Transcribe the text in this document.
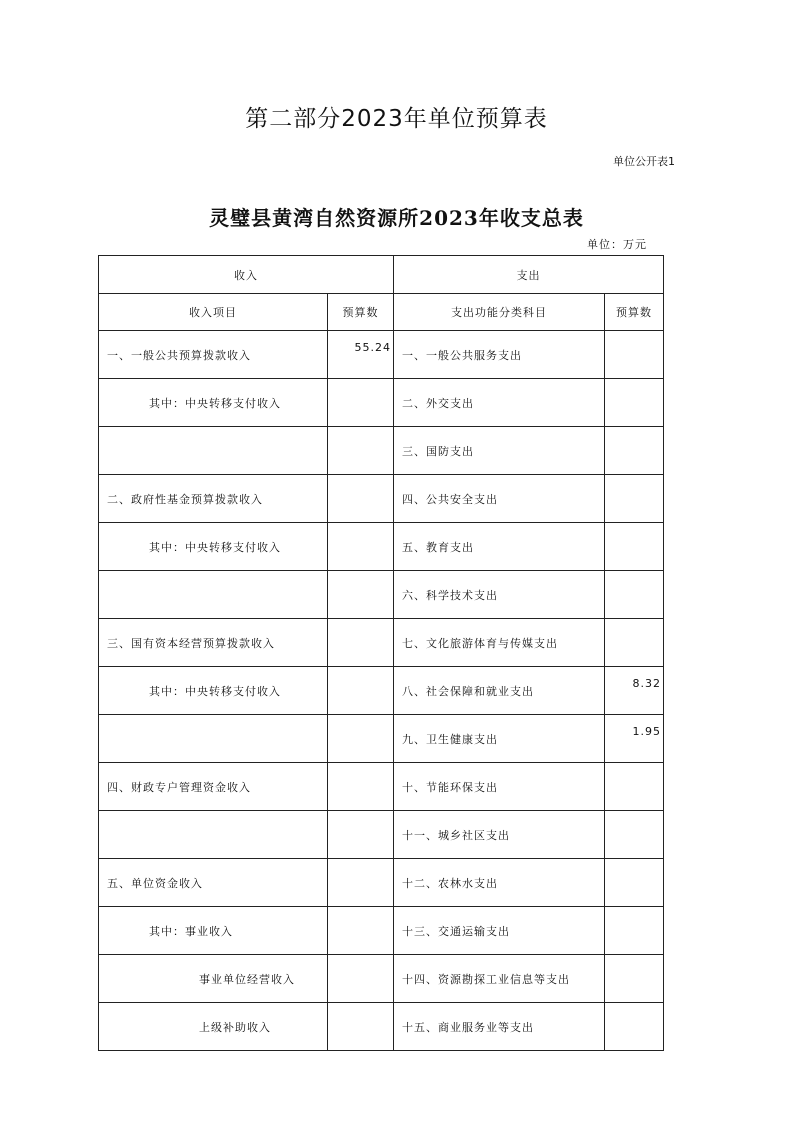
第二部分2023年单位预算表
单位公开表1
灵璧县黄湾自然资源所2023年收支总表
单位：万元
收入		支出	
收入项目	预算数	支出功能分类科目	预算数
一、一般公共预算拨款收入	55.24	一、一般公共服务支出	
其中：中央转移支付收入		二、外交支出	
		三、国防支出	
二、政府性基金预算拨款收入		四、公共安全支出	
其中：中央转移支付收入		五、教育支出	
		六、科学技术支出	
三、国有资本经营预算拨款收入		七、文化旅游体育与传媒支出	
其中：中央转移支付收入		八、社会保障和就业支出	8.32
		九、卫生健康支出	1.95
四、财政专户管理资金收入		十、节能环保支出	
		十一、城乡社区支出	
五、单位资金收入		十二、农林水支出	
其中：事业收入		十三、交通运输支出	
事业单位经营收入		十四、资源勘探工业信息等支出	
上级补助收入		十五、商业服务业等支出	
